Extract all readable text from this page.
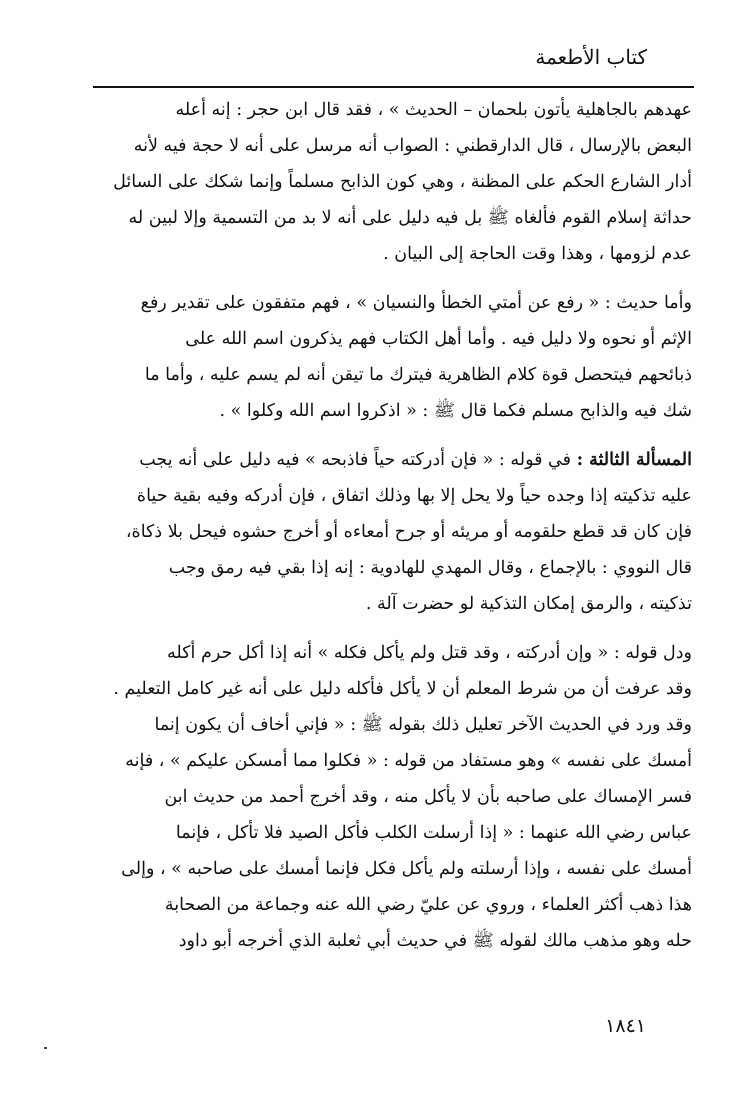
كتاب الأطعمة
عهدهم بالجاهلية يأتون بلحمان – الحديث » ، فقد قال ابن حجر : إنه أعله
البعض بالإرسال ، قال الدارقطني : الصواب أنه مرسل على أنه لا حجة فيه لأنه
أدار الشارع الحكم على المظنة ، وهي كون الذابح مسلماً وإنما شكك على السائل
حداثة إسلام القوم فألغاه ﷺ بل فيه دليل على أنه لا بد من التسمية وإلا لبين له
عدم لزومها ، وهذا وقت الحاجة إلى البيان .
وأما حديث : « رفع عن أمتي الخطأ والنسيان » ، فهم متفقون على تقدير رفع
الإثم أو نحوه ولا دليل فيه . وأما أهل الكتاب فهم يذكرون اسم الله على
ذبائحهم فيتحصل قوة كلام الظاهرية فيترك ما تيقن أنه لم يسم عليه ، وأما ما
شك فيه والذابح مسلم فكما قال ﷺ : « اذكروا اسم الله وكلوا » .
المسألة الثالثة : في قوله : « فإن أدركته حياً فاذبحه » فيه دليل على أنه يجب
عليه تذكيته إذا وجده حياً ولا يحل إلا بها وذلك اتفاق ، فإن أدركه وفيه بقية حياة
فإن كان قد قطع حلقومه أو مريئه أو جرح أمعاءه أو أخرج حشوه فيحل بلا ذكاة،
قال النووي : بالإجماع ، وقال المهدي للهادوية : إنه إذا بقي فيه رمق وجب
تذكيته ، والرمق إمكان التذكية لو حضرت آلة .
ودل قوله : « وإن أدركته ، وقد قتل ولم يأكل فكله » أنه إذا أكل حرم أكله
وقد عرفت أن من شرط المعلم أن لا يأكل فأكله دليل على أنه غير كامل التعليم .
وقد ورد في الحديث الآخر تعليل ذلك بقوله ﷺ : « فإني أخاف أن يكون إنما
أمسك على نفسه » وهو مستفاد من قوله : « فكلوا مما أمسكن عليكم » ، فإنه
فسر الإمساك على صاحبه بأن لا يأكل منه ، وقد أخرج أحمد من حديث ابن
عباس رضي الله عنهما : « إذا أرسلت الكلب فأكل الصيد فلا تأكل ، فإنما
أمسك على نفسه ، وإذا أرسلته ولم يأكل فكل فإنما أمسك على صاحبه » ، وإلى
هذا ذهب أكثر العلماء ، وروي عن عليّ رضي الله عنه وجماعة من الصحابة
حله وهو مذهب مالك لقوله ﷺ في حديث أبي ثعلبة الذي أخرجه أبو داود

١٨٤١
